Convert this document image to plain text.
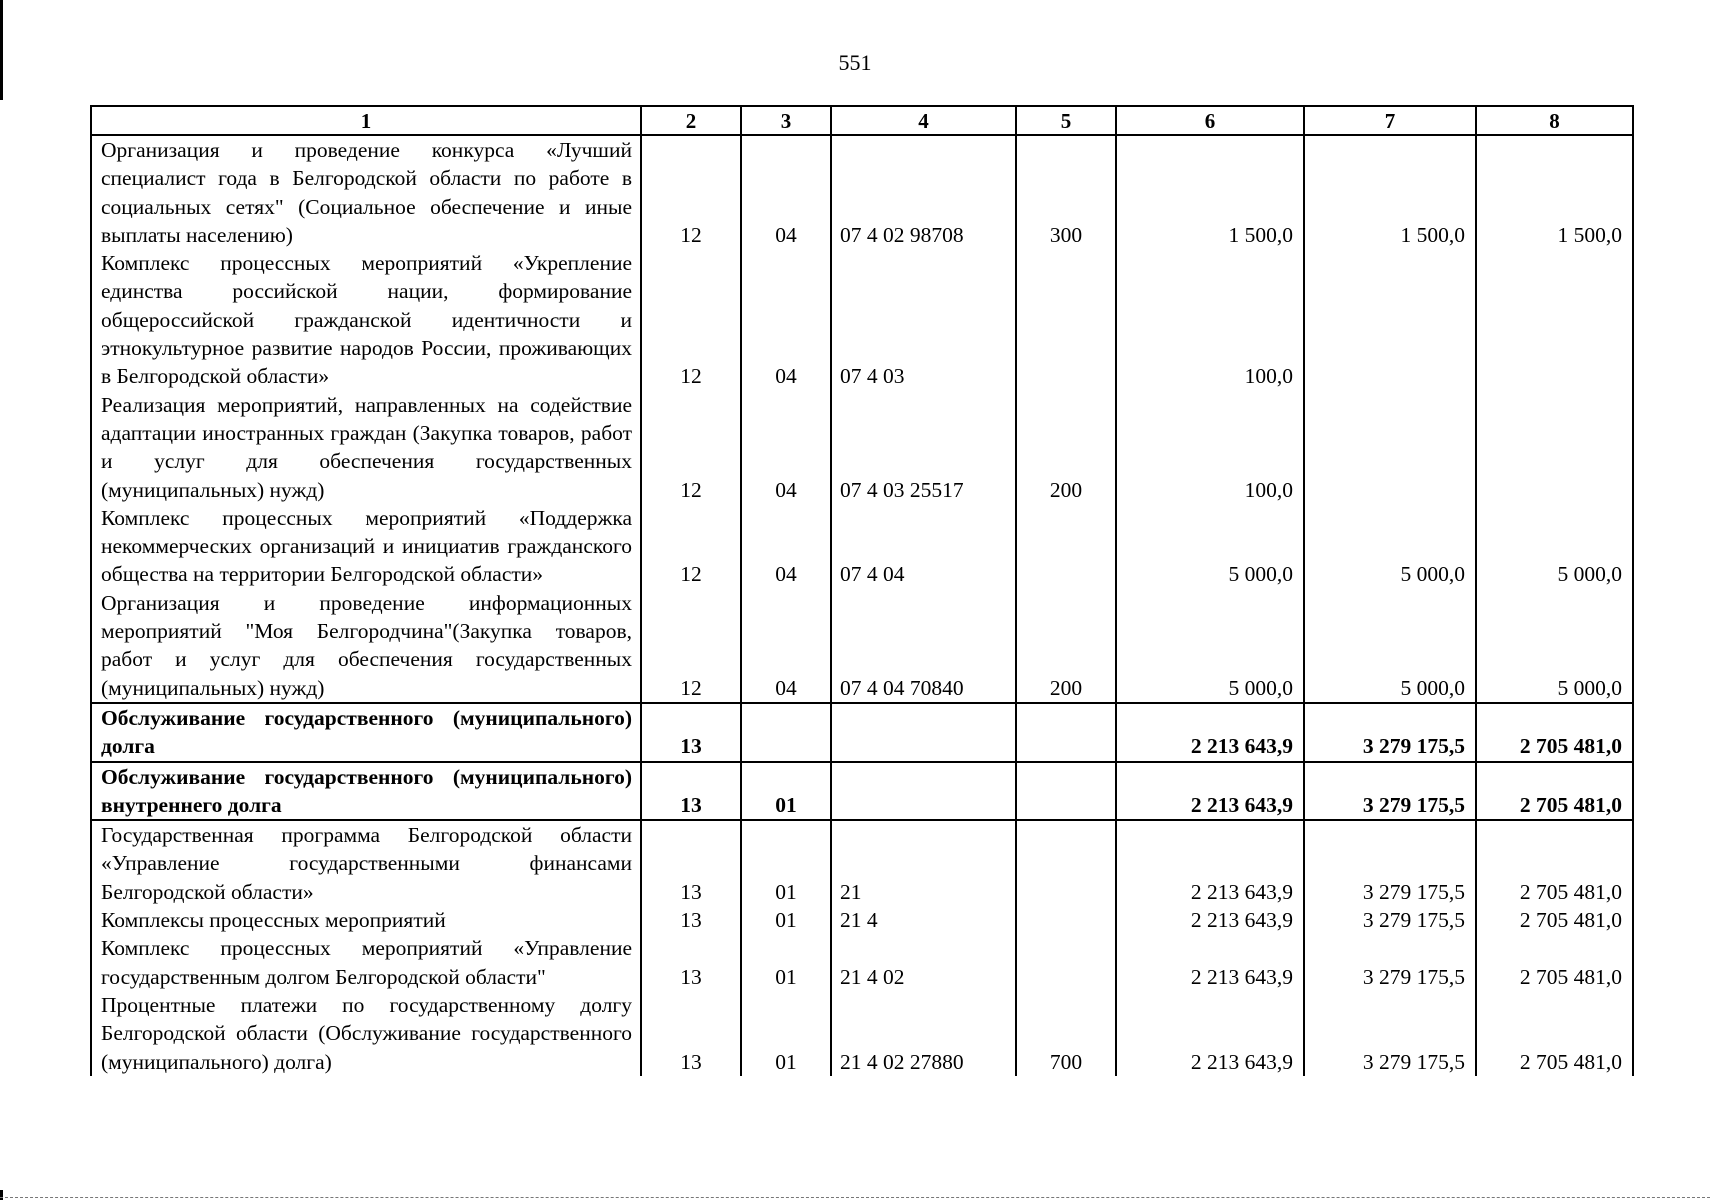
551
1	2	3	4	5	6	7	8
Организация и проведение конкурса «Лучший специалист года в Белгородской области по работе в социальных сетях" (Социальное обеспечение и иные выплаты населению)	12	04	07 4 02 98708	300	1 500,0	1 500,0	1 500,0
Комплекс процессных мероприятий «Укрепление единства российской нации, формирование общероссийской гражданской идентичности и этнокультурное развитие народов России, проживающих в Белгородской области»	12	04	07 4 03		100,0		
Реализация мероприятий, направленных на содействие адаптации иностранных граждан (Закупка товаров, работ и услуг для обеспечения государственных (муниципальных) нужд)	12	04	07 4 03 25517	200	100,0		
Комплекс процессных мероприятий «Поддержка некоммерческих организаций и инициатив гражданского общества на территории Белгородской области»	12	04	07 4 04		5 000,0	5 000,0	5 000,0
Организация и проведение информационных мероприятий "Моя Белгородчина"(Закупка товаров, работ и услуг для обеспечения государственных (муниципальных) нужд)	12	04	07 4 04 70840	200	5 000,0	5 000,0	5 000,0
Обслуживание государственного (муниципального) долга	13				2 213 643,9	3 279 175,5	2 705 481,0
Обслуживание государственного (муниципального) внутреннего долга	13	01			2 213 643,9	3 279 175,5	2 705 481,0
Государственная программа Белгородской области «Управление государственными финансами Белгородской области»	13	01	21		2 213 643,9	3 279 175,5	2 705 481,0
Комплексы процессных мероприятий	13	01	21 4		2 213 643,9	3 279 175,5	2 705 481,0
Комплекс процессных мероприятий «Управление государственным долгом Белгородской области"	13	01	21 4 02		2 213 643,9	3 279 175,5	2 705 481,0
Процентные платежи по государственному долгу Белгородской области (Обслуживание государственного (муниципального) долга)	13	01	21 4 02 27880	700	2 213 643,9	3 279 175,5	2 705 481,0
